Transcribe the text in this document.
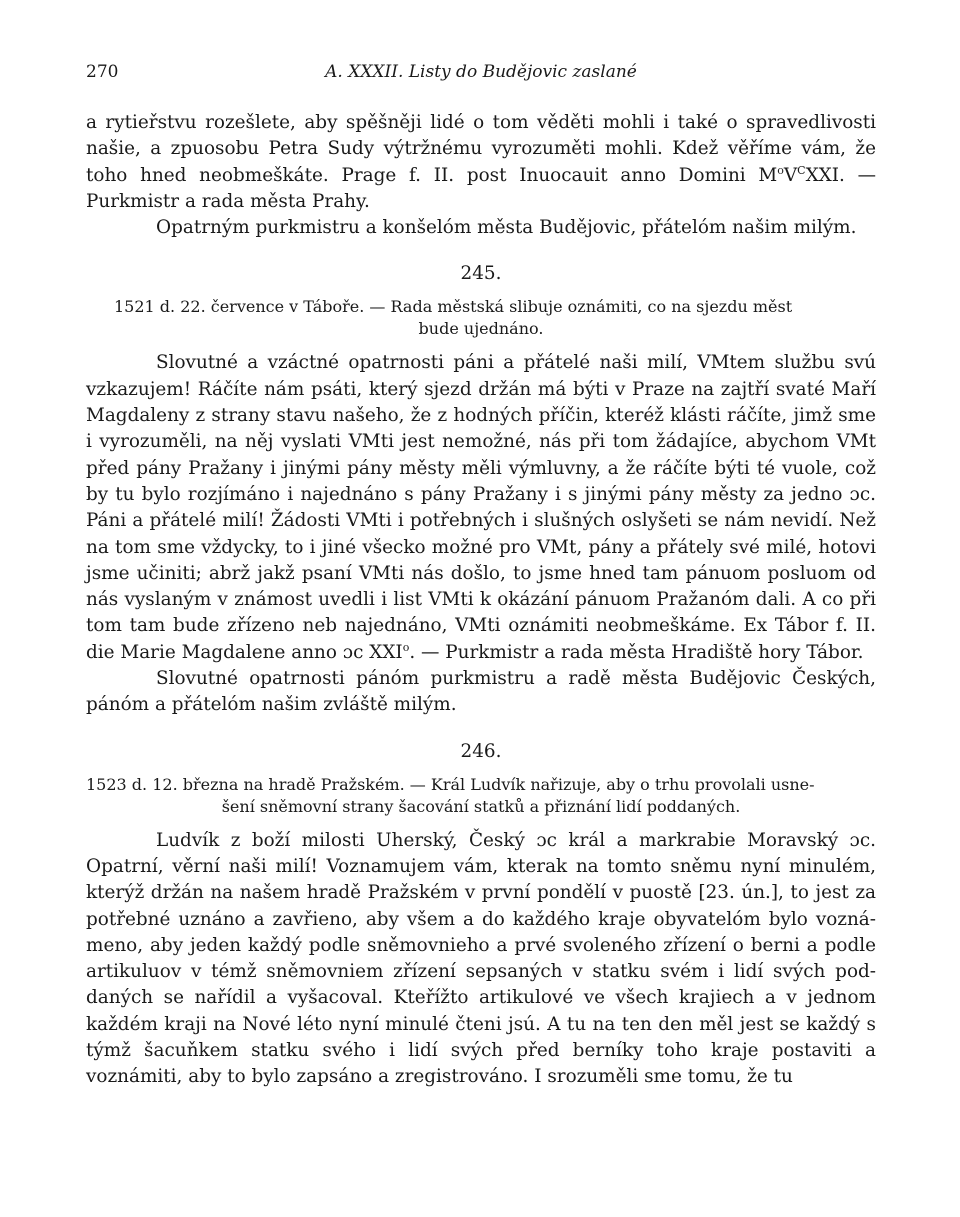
270	A. XXXII. Listy do Budějovic zaslané

a rytieřstvu rozešlete, aby spěšněji lidé o tom věděti mohli i také o spravedlivosti našie, a zpuosobu Petra Sudy výtržnému vyrozuměti mohli. Kdež věříme vám, že toho hned neobmeškáte. Prage f. II. post Inuocauit anno Domini $M^oV^CXXI$. — Purkmistr a rada města Prahy.

Opatrným purkmistru a konšelóm města Budějovic, přátelóm našim milým.

245.
1521 d. 22. července v Táboře. — Rada městská slibuje oznámiti, co na sjezdu měst
bude ujednáno.

Slovutné a vzáctné opatrnosti páni a přátelé naši milí, VMtem službu svú vzkazujem! Ráčíte nám psáti, který sjezd držán má býti v Praze na zajtří svaté Maří Magdaleny z strany stavu našeho, že z hodných příčin, kteréž klásti ráčíte, jimž sme i vyrozuměli, na něj vyslati VMti jest nemožné, nás při tom žádajíce, abychom VMt před pány Pražany i jinými pány městy měli výmluvny, a že ráčíte býti té vuole, což by tu bylo rozjímáno i najednáno s pány Pražany i s jinými pány městy za jedno ɔc. Páni a přátelé milí! Žádosti VMti i potřebných i slušných oslyšeti se nám nevidí. Než na tom sme vždycky, to i jiné všecko možné pro VMt, pány a přátely své milé, hotovi jsme učiniti; abrž jakž psaní VMti nás došlo, to jsme hned tam pánuom posluom od nás vyslaným v známost uvedli i list VMti k okázání pánuom Pražanóm dali. A co při tom tam bude zřízeno neb najednáno, VMti oznámiti neobmeškáme. Ex Tábor f. II. die Marie Magdalene anno ɔc XXI$^o$. — Purkmistr a rada města Hradiště hory Tábor.

Slovutné opatrnosti pánóm purkmistru a radě města Budějovic Českých, pánóm a přátelóm našim zvláště milým.

246.
1523 d. 12. března na hradě Pražském. — Král Ludvík nařizuje, aby o trhu provolali usne-
šení sněmovní strany šacování statků a přiznání lidí poddaných.

Ludvík z boží milosti Uherský, Český ɔc král a markrabie Moravský ɔc. Opatrní, věrní naši milí! Voznamujem vám, kterak na tomto sněmu nyní minulém, kterýž držán na našem hradě Pražském v první pondělí v puostě [23. ún.], to jest za potřebné uznáno a zavřieno, aby všem a do každého kraje obyvatelóm bylo vozná- meno, aby jeden každý podle sněmovnieho a prvé svoleného zřízení o berni a podle artikuluov v témž sněmovniem zřízení sepsaných v statku svém i lidí svých pod- daných se nařídil a vyšacoval. Kteřížto artikulové ve všech krajiech a v jednom každém kraji na Nové léto nyní minulé čteni jsú. A tu na ten den měl jest se každý s týmž šacuňkem statku svého i lidí svých před berníky toho kraje postaviti a voznámiti, aby to bylo zapsáno a zregistrováno. I srozuměli sme tomu, že tu
